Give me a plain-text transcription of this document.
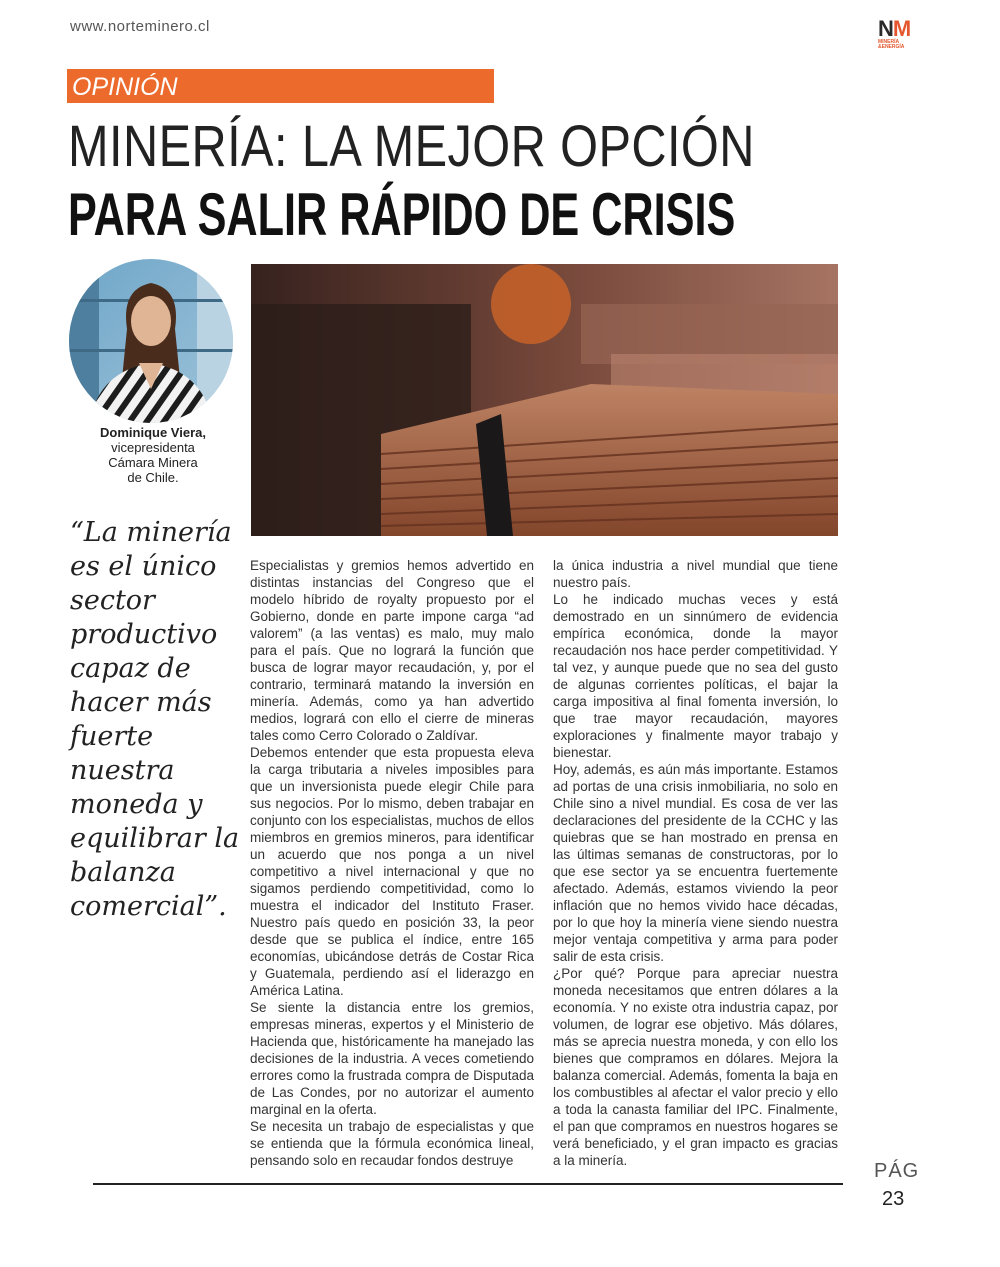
www.norteminero.cl	NM
MINERÍA
&ENERGÍA
OPINIÓN
MINERÍA: LA MEJOR OPCIÓN
PARA SALIR RÁPIDO DE CRISIS
Dominique Viera,
vicepresidenta
Cámara Minera
de Chile.
“La minería es el único sector productivo capaz de hacer más fuerte nuestra moneda y equilibrar la balanza comercial”.

Especialistas y gremios hemos advertido en distintas instancias del Congreso que el modelo híbrido de royalty propuesto por el Gobierno, donde en parte impone carga “ad valorem” (a las ventas) es malo, muy malo para el país. Que no logrará la función que busca de lograr mayor recaudación, y, por el contrario, terminará matando la inversión en minería. Además, como ya han advertido medios, logrará con ello el cierre de mineras tales como Cerro Colorado o Zaldívar.

Debemos entender que esta propuesta eleva la carga tributaria a niveles imposibles para que un inversionista puede elegir Chile para sus negocios. Por lo mismo, deben trabajar en conjunto con los especialistas, muchos de ellos miembros en gremios mineros, para identificar un acuerdo que nos ponga a un nivel competitivo a nivel internacional y que no sigamos perdiendo competitividad, como lo muestra el indicador del Instituto Fraser. Nuestro país quedo en posición 33, la peor desde que se publica el índice, entre 165 economías, ubicándose detrás de Costar Rica y Guatemala, perdiendo así el liderazgo en América Latina.

Se siente la distancia entre los gremios, empresas mineras, expertos y el Ministerio de Hacienda que, históricamente ha manejado las decisiones de la industria. A veces cometiendo errores como la frustrada compra de Disputada de Las Condes, por no autorizar el aumento marginal en la oferta.

Se necesita un trabajo de especialistas y que se entienda que la fórmula económica lineal, pensando solo en recaudar fondos destruye

la única industria a nivel mundial que tiene nuestro país.

Lo he indicado muchas veces y está demostrado en un sinnúmero de evidencia empírica económica, donde la mayor recaudación nos hace perder competitividad. Y tal vez, y aunque puede que no sea del gusto de algunas corrientes políticas, el bajar la carga impositiva al final fomenta inversión, lo que trae mayor recaudación, mayores exploraciones y finalmente mayor trabajo y bienestar.

Hoy, además, es aún más importante. Estamos ad portas de una crisis inmobiliaria, no solo en Chile sino a nivel mundial. Es cosa de ver las declaraciones del presidente de la CCHC y las quiebras que se han mostrado en prensa en las últimas semanas de constructoras, por lo que ese sector ya se encuentra fuertemente afectado. Además, estamos viviendo la peor inflación que no hemos vivido hace décadas, por lo que hoy la minería viene siendo nuestra mejor ventaja competitiva y arma para poder salir de esta crisis.

¿Por qué? Porque para apreciar nuestra moneda necesitamos que entren dólares a la economía. Y no existe otra industria capaz, por volumen, de lograr ese objetivo. Más dólares, más se aprecia nuestra moneda, y con ello los bienes que compramos en dólares. Mejora la balanza comercial. Además, fomenta la baja en los combustibles al afectar el valor precio y ello a toda la canasta familiar del IPC. Finalmente, el pan que compramos en nuestros hogares se verá beneficiado, y el gran impacto es gracias a la minería.	PÁG
23
